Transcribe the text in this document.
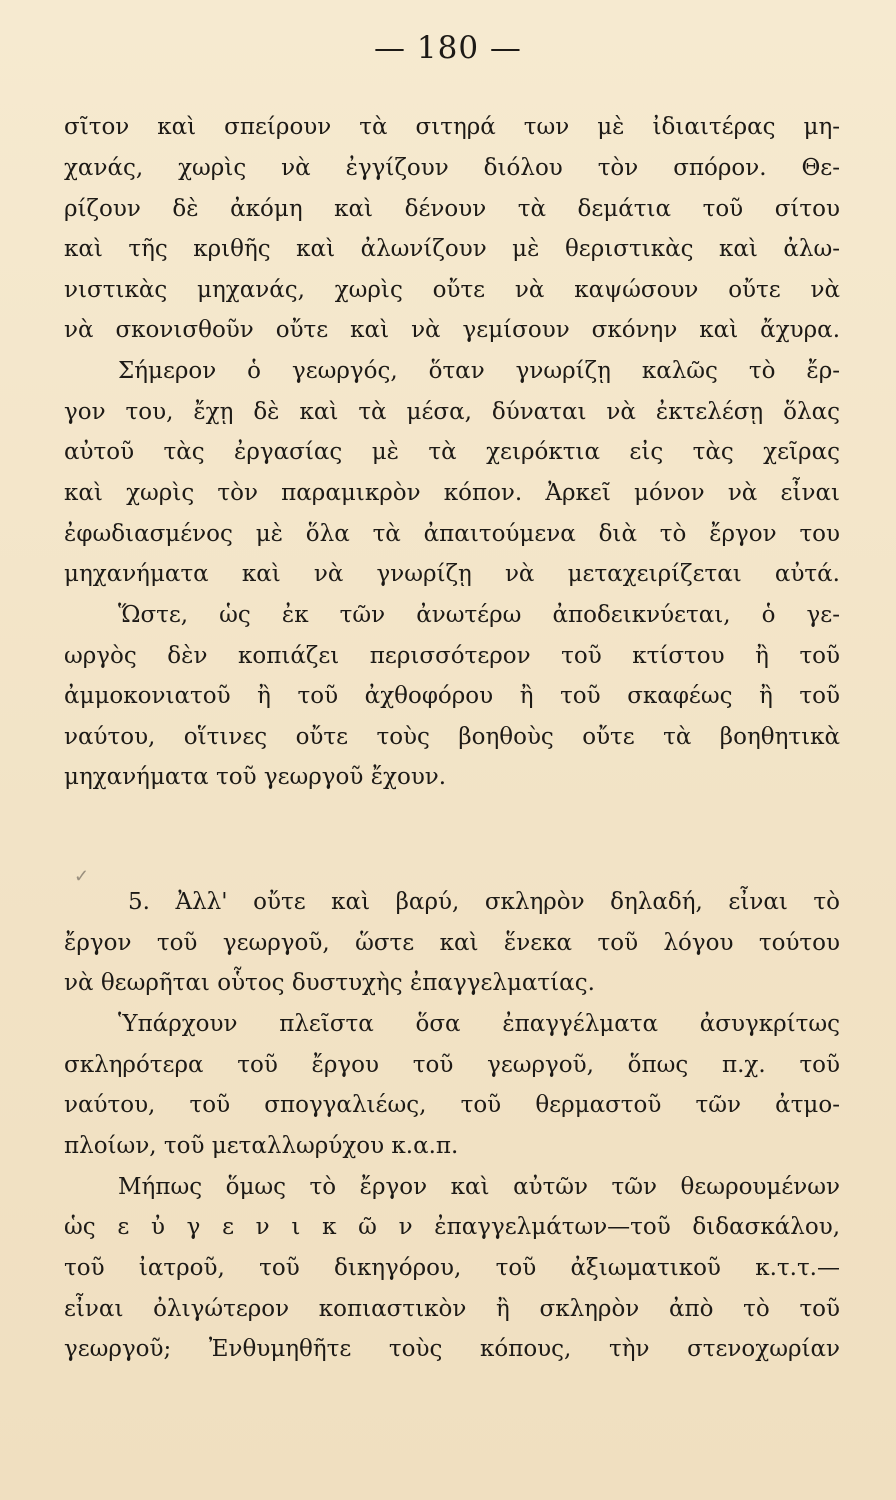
— 180 —
σῖτον καὶ σπείρουν τὰ σιτηρά των μὲ ἰδιαιτέρας μη-
χανάς, χωρὶς νὰ ἐγγίζουν διόλου τὸν σπόρον. Θε-
ρίζουν δὲ ἀκόμη καὶ δένουν τὰ δεμάτια τοῦ σίτου
καὶ τῆς κριθῆς καὶ ἀλωνίζουν μὲ θεριστικὰς καὶ ἀλω-
νιστικὰς μηχανάς, χωρὶς οὔτε νὰ καψώσουν οὔτε νὰ
νὰ σκονισθοῦν οὔτε καὶ νὰ γεμίσουν σκόνην καὶ ἄχυρα.
Σήμερον ὁ γεωργός, ὅταν γνωρίζῃ καλῶς τὸ ἔρ-
γον του, ἔχῃ δὲ καὶ τὰ μέσα, δύναται νὰ ἐκτελέσῃ ὅλας
αὐτοῦ τὰς ἐργασίας μὲ τὰ χειρόκτια εἰς τὰς χεῖρας
καὶ χωρὶς τὸν παραμικρὸν κόπον. Ἀρκεῖ μόνον νὰ εἶναι
ἐφωδιασμένος μὲ ὅλα τὰ ἀπαιτούμενα διὰ τὸ ἔργον του
μηχανήματα καὶ νὰ γνωρίζῃ νὰ μεταχειρίζεται αὐτά.
Ὥστε, ὡς ἐκ τῶν ἀνωτέρω ἀποδεικνύεται, ὁ γε-
ωργὸς δὲν κοπιάζει περισσότερον τοῦ κτίστου ἢ τοῦ
ἀμμοκονιατοῦ ἢ τοῦ ἀχθοφόρου ἢ τοῦ σκαφέως ἢ τοῦ
ναύτου, οἵτινες οὔτε τοὺς βοηθοὺς οὔτε τὰ βοηθητικὰ
μηχανήματα τοῦ γεωργοῦ ἔχουν.
✓
5. Ἀλλ' οὔτε καὶ βαρύ, σκληρὸν δηλαδή, εἶναι τὸ
ἔργον τοῦ γεωργοῦ, ὥστε καὶ ἕνεκα τοῦ λόγου τούτου
νὰ θεωρῆται οὗτος δυστυχὴς ἐπαγγελματίας.
Ὑπάρχουν πλεῖστα ὅσα ἐπαγγέλματα ἀσυγκρίτως
σκληρότερα τοῦ ἔργου τοῦ γεωργοῦ, ὅπως π.χ. τοῦ
ναύτου, τοῦ σπογγαλιέως, τοῦ θερμαστοῦ τῶν ἀτμο-
πλοίων, τοῦ μεταλλωρύχου κ.α.π.
Μήπως ὅμως τὸ ἔργον καὶ αὐτῶν τῶν θεωρουμένων
ὡς ε ὐ γ ε ν ι κ ῶ ν ἐπαγγελμάτων—τοῦ διδασκάλου,
τοῦ ἰατροῦ, τοῦ δικηγόρου, τοῦ ἀξιωματικοῦ κ.τ.τ.—
εἶναι ὀλιγώτερον κοπιαστικὸν ἢ σκληρὸν ἀπὸ τὸ τοῦ
γεωργοῦ; Ἐνθυμηθῆτε τοὺς κόπους, τὴν στενοχωρίαν
